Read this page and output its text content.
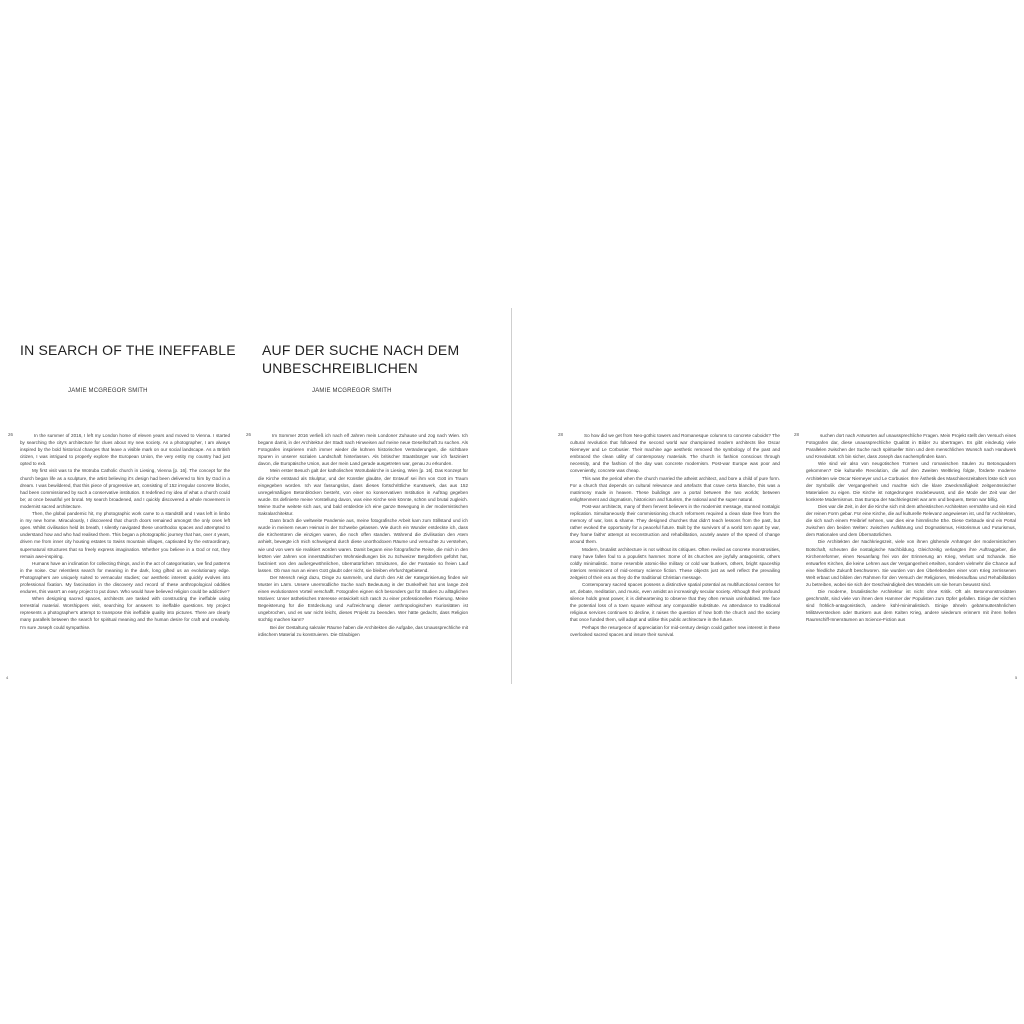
IN SEARCH OF THE INEFFABLE	AUF DER SUCHE NACH DEM UNBESCHREIBLICHEN
JAMIE MCGREGOR SMITH	JAMIE MCGREGOR SMITH
26	26	28	28

In the summer of 2016, I left my London home of eleven years and moved to Vienna. I started by searching the city's architecture for clues about my new society. As a photographer, I am always inspired by the bold historical changes that leave a visible mark on our social landscape. As a British citizen, I was intrigued to properly explore the European Union, the very entity my country had just opted to exit.

My first visit was to the Wotruba Catholic church in Liesing, Vienna [p. 16]. The concept for the church began life as a sculpture, the artist believing it's design had been delivered to him by God in a dream. I was bewildered, that this piece of progressive art, consisting of 152 irregular concrete blocks, had been commissioned by such a conservative institution. It redefined my idea of what a church could be; at once beautiful yet brutal. My search broadened, and I quickly discovered a whole movement in modernist sacred architecture.

Then, the global pandemic hit, my photographic work came to a standstill and I was left in limbo in my new home. Miraculously, I discovered that church doors remained amongst the only ones left open. Whilst civilisation held its breath, I silently navigated these unorthodox spaces and attempted to understand how and who had realised them. This began a photographic journey that has, over 4 years, driven me from inner city housing estates to Swiss mountain villages, captivated by the extraordinary, supernatural structures that so freely express imagination. Whether you believe in a God or not, they remain awe-inspiring.

Humans have an inclination for collecting things, and in the act of categorisation, we find patterns in the noise. Our relentless search for meaning in the dark, long gifted us an evolutionary edge. Photographers are uniquely suited to vernacular studies; our aesthetic interest quickly evolves into professional fixation. My fascination in the discovery and record of these anthropological oddities endures, this wasn't an easy project to put down. Who would have believed religion could be addictive?

When designing sacred spaces, architects are tasked with constructing the ineffable using terrestrial material. Worshippers visit, searching for answers to ineffable questions. My project represents a photographer's attempt to transpose this ineffable quality into pictures. There are clearly many parallels between the search for spiritual meaning and the human desire for craft and creativity. I'm sure Joseph could sympathise.

Im Sommer 2016 verließ ich nach elf Jahren mein Londoner Zuhause und zog nach Wien. Ich begann damit, in der Architektur der Stadt nach Hinweisen auf meine neue Gesellschaft zu suchen. Als Fotografen inspirieren mich immer wieder die kühnen historischen Veränderungen, die sichtbare Spuren in unserer sozialen Landschaft hinterlassen. Als britischer Staatsbürger war ich fasziniert davon, die Europäische Union, aus der mein Land gerade ausgetreten war, genau zu erkunden.

Mein erster Besuch galt der katholischen Wotrubakirche in Liesing, Wien [p. 16]. Das Konzept für die Kirche entstand als Skulptur, und der Künstler glaubte, der Entwurf sei ihm von Gott im Traum eingegeben worden. Ich war fassungslos, dass dieses fortschrittliche Kunstwerk, das aus 152 unregelmäßigen Betonblöcken besteht, von einer so konservativen Institution in Auftrag gegeben wurde. Es definierte meine Vorstellung davon, was eine Kirche sein könnte, schön und brutal zugleich. Meine Suche weitete sich aus, und bald entdeckte ich eine ganze Bewegung in der modernistischen Sakralarchitektur.

Dann brach die weltweite Pandemie aus, meine fotografische Arbeit kam zum Stillstand und ich wurde in meinem neuen Heimat in der Schwebe gelassen. Wie durch ein Wunder entdeckte ich, dass die Kirchentüren die einzigen waren, die noch offen standen. Während die Zivilisation den Atem anhielt, bewegte ich mich schweigend durch diese unorthodoxen Räume und versuchte zu verstehen, wie und von wem sie realisiert worden waren. Damit begann eine fotografische Reise, die mich in den letzten vier Jahren von innerstädtischen Wohnsiedlungen bis zu Schweizer Bergdörfern geführt hat, fasziniert von den außergewöhnlichen, übernatürlichen Strukturen, die der Fantasie so freien Lauf lassen. Ob man nun an einen Gott glaubt oder nicht, sie bleiben ehrfurchtgebietend.

Der Mensch neigt dazu, Dinge zu sammeln, und durch den Akt der Kategorisierung finden wir Muster im Lärm. Unsere unermüdliche Suche nach Bedeutung in der Dunkelheit hat uns lange Zeit einen evolutionären Vorteil verschafft. Fotografen eignen sich besonders gut für Studien zu alltäglichen Motiven: Unser ästhetisches Interesse entwickelt sich rasch zu einer professionellen Fixierung. Meine Begeisterung für die Entdeckung und Aufzeichnung dieser anthropologischen Kuriositäten ist ungebrochen, und es war nicht leicht, dieses Projekt zu beenden. Wer hätte gedacht, dass Religion süchtig machen kann?

Bei der Gestaltung sakraler Räume haben die Architekten die Aufgabe, das Unaussprechliche mit irdischem Material zu konstruieren. Die Gläubigen

So how did we get from Neo-gothic towers and Romanesque columns to concrete cuboids? The cultural revolution that followed the second world war championed modern architects like Oscar Niemeyer and Le Corbusier. Their machine age aesthetic removed the symbology of the past and embraced the clean utility of contemporary materials. The church is fashion conscious through necessity, and the fashion of the day was concrete modernism. Post-war Europe was poor and conveniently, concrete was cheap.

This was the period when the church married the atheist architect, and bore a child of pure form. For a church that depends on cultural relevance and artefacts that crave certa blanche, this was a matrimony made in heaven. These buildings are a portal between the two worlds; between enlightenment and dogmatism, historicism and futurism, the rational and the super natural.

Post-war architects, many of them fervent believers in the modernist message, stunned nostalgic replication. Simultaneously their commissioning church reformers required a clean slate free from the memory of war, loss & shame. They designed churches that didn't teach lessons from the past, but rather evoked the opportunity for a peaceful future. Built by the survivors of a world torn apart by war, they frame faiths' attempt at reconstruction and rehabilitation, acutely aware of the speed of change around them.

Modern, brutalist architecture is not without its critiques. Often reviled as concrete monstrosities, many have fallen foul to a populist's hammer. Some of its churches are joyfully antagonistic, others coldly minimalistic. Some resemble atomic-like military or cold war bunkers, others, bright spaceship interiors reminiscent of mid-century science fiction. These objects just as well reflect the prevailing zeitgeist of their era as they do the traditional Christian message.

Contemporary sacred spaces possess a distinctive spatial potential as multifunctional centres for art, debate, meditation, and music, even amidst an increasingly secular society. Although their profound silence holds great power, it is disheartening to observe that they often remain uninhabited. We face the potential loss of a town square without any comparable substitute. As attendance to traditional religious services continues to decline, it raises the question of how both the church and the society that once funded them, will adapt and utilise this public architecture in the future.

Perhaps the resurgence of appreciation for mid-century design could gather new interest in these overlooked sacred spaces and insure their survival.

suchen dort nach Antworten auf unaussprechliche Fragen. Mein Projekt stellt den Versuch eines Fotografen dar, diese unaussprechliche Qualität in Bilder zu übertragen. Es gibt eindeutig viele Parallelen zwischen der Suche nach spiritueller Sinn und dem menschlichen Wunsch nach Handwerk und Kreativität. Ich bin sicher, dass Joseph das nachempfinden kann.

Wie sind wir also von neugotischen Türmen und romanischen Säulen zu Betonquadern gekommen? Die kulturelle Revolution, die auf den Zweiten Weltkrieg folgte, förderte moderne Architekten wie Oscar Niemeyer und Le Corbusier. Ihre Ästhetik des Maschinenzeitalters löste sich von der Symbolik der Vergangenheit und machte sich die klare Zweckmäßigkeit zeitgenössischer Materialien zu eigen. Die Kirche ist notgedrungen modebewusst, und die Mode der Zeit war der konkrete Modernismus. Das Europa der Nachkriegszeit war arm und bequem, Beton war billig.

Dies war die Zeit, in der die Kirche sich mit dem atheistischen Architekten vermählte und ein Kind der reinen Form gebar. Für eine Kirche, die auf kulturelle Relevanz angewiesen ist, und für Architekten, die sich nach einem Freibrief sehnen, war dies eine himmlische Ehe. Diese Gebäude sind ein Portal zwischen den beiden Welten: zwischen Aufklärung und Dogmatismus, Historismus und Futurismus, dem Rationalen und dem Übernatürlichen.

Die Architekten der Nachkriegszeit, viele von ihnen glühende Anhänger der modernistischen Botschaft, scheuten die nostalgische Nachbildung. Gleichzeitig verlangten ihre Auftraggeber, die Kirchenreformer, einen Neuanfang frei von der Erinnerung an Krieg, Verlust und Schande. Sie entwarfen Kirchen, die keine Lehren aus der Vergangenheit erteilten, sondern vielmehr die Chance auf eine friedliche Zukunft beschworen. Sie wurden von den Überlebenden einer vom Krieg zerrissenen Welt erbaut und bilden den Rahmen für den Versuch der Religionen, Wiederaufbau und Rehabilitation zu betreiben, wobei sie sich der Geschwindigkeit des Wandels um sie herum bewusst sind.

Die moderne, brutalistische Architektur ist nicht ohne Kritik. Oft als Betonmonstrositäten geschmäht, sind viele von ihnen dem Hammer der Populisten zum Opfer gefallen. Einige der Kirchen sind fröhlich-antagonistisch, andere kühl-minimalistisch. Einige ähneln gebärmutterähnlichen Militärverstecken oder Bunkern aus dem Kalten Krieg, andere wiederum erinnern mit ihren hellen Raumschiff-Innenräumen an Science-Fiction aus

4	5
